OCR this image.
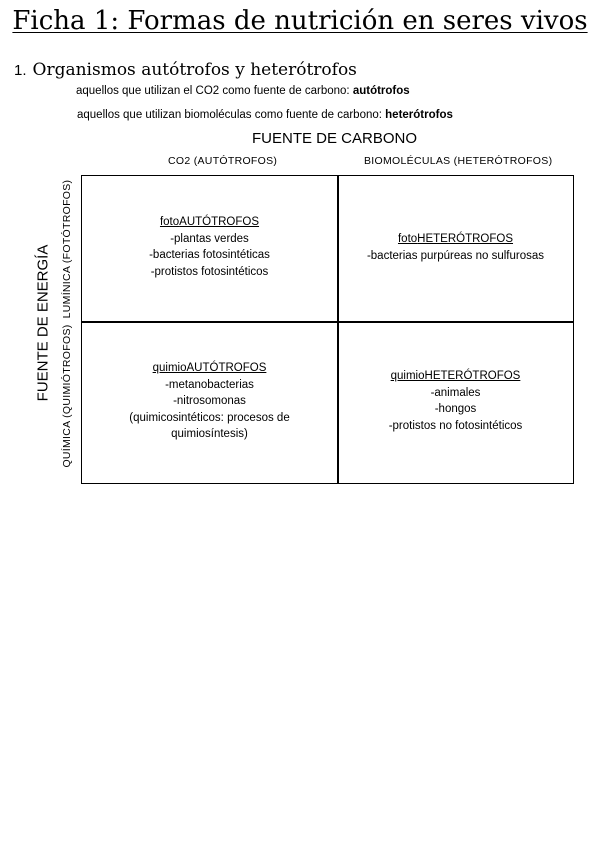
Ficha 1: Formas de nutrición en seres vivos
1. Organismos autótrofos y heterótrofos
aquellos que utilizan el CO2 como fuente de carbono: autótrofos
aquellos que utilizan biomoléculas como fuente de carbono: heterótrofos
FUENTE DE CARBONO
CO2 (AUTÓTROFOS)	BIOMOLÉCULAS (HETERÓTROFOS)
FUENTE DE ENERGÍA LUMÍNICA (FOTÓTROFOS)
QUÍMICA (QUIMIÓTROFOS)
fotoAUTÓTROFOS
-plantas verdes
-bacterias fotosintéticas
-protistos fotosintéticos
fotoHETERÓTROFOS
-bacterias purpúreas no sulfurosas
quimioAUTÓTROFOS
-metanobacterias
-nitrosomonas
(quimicosintéticos: procesos de
quimiosíntesis)
quimioHETERÓTROFOS
-animales
-hongos
-protistos no fotosintéticos
